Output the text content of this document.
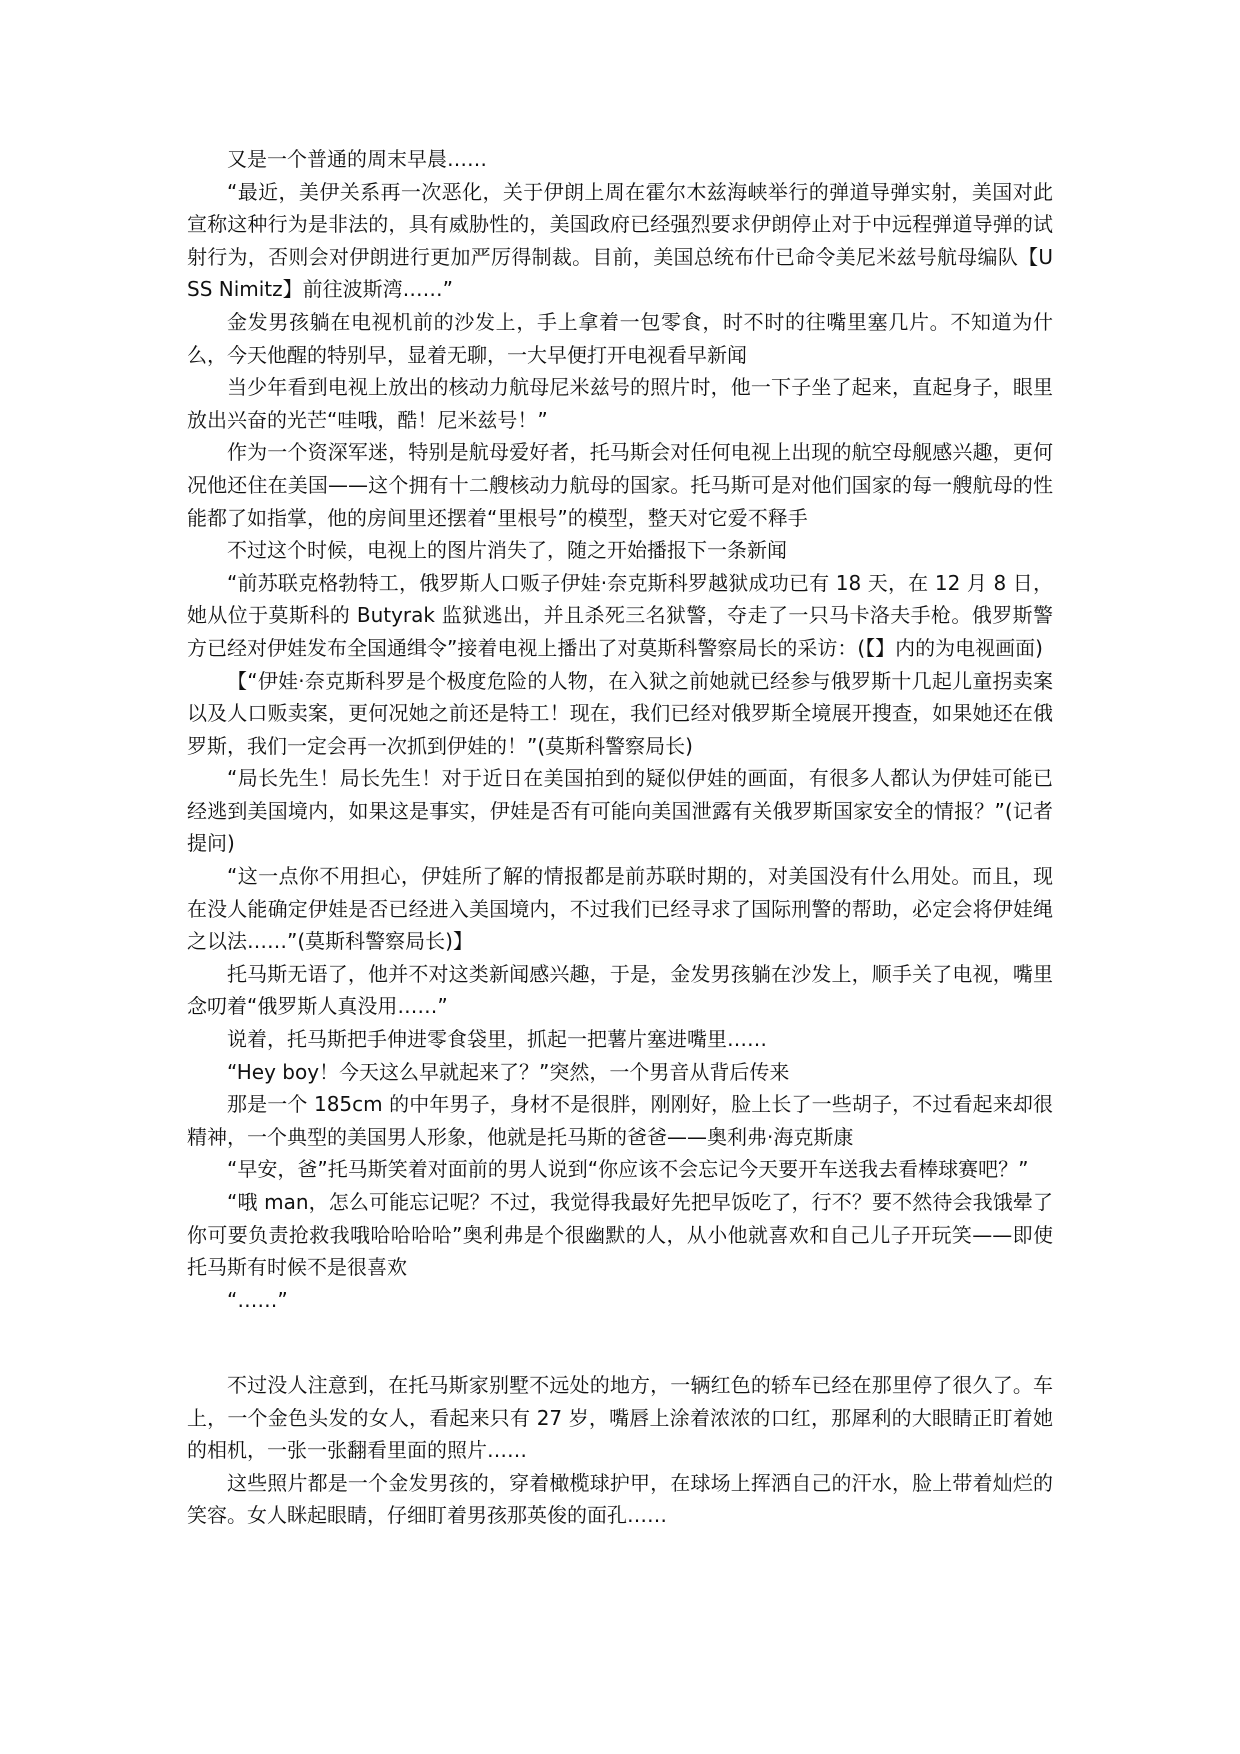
又是一个普通的周末早晨……

“最近，美伊关系再一次恶化，关于伊朗上周在霍尔木兹海峡举行的弹道导弹实射，美国对此宣称这种行为是非法的，具有威胁性的，美国政府已经强烈要求伊朗停止对于中远程弹道导弹的试射行为，否则会对伊朗进行更加严厉得制裁。目前，美国总统布什已命令美尼米兹号航母编队【USS Nimitz】前往波斯湾……”

金发男孩躺在电视机前的沙发上，手上拿着一包零食，时不时的往嘴里塞几片。不知道为什么，今天他醒的特别早，显着无聊，一大早便打开电视看早新闻

当少年看到电视上放出的核动力航母尼米兹号的照片时，他一下子坐了起来，直起身子，眼里放出兴奋的光芒“哇哦，酷！尼米兹号！”

作为一个资深军迷，特别是航母爱好者，托马斯会对任何电视上出现的航空母舰感兴趣，更何况他还住在美国——这个拥有十二艘核动力航母的国家。托马斯可是对他们国家的每一艘航母的性能都了如指掌，他的房间里还摆着“里根号”的模型，整天对它爱不释手

不过这个时候，电视上的图片消失了，随之开始播报下一条新闻

“前苏联克格勃特工，俄罗斯人口贩子伊娃·奈克斯科罗越狱成功已有 18 天，在 12 月 8 日，她从位于莫斯科的 Butyrak 监狱逃出，并且杀死三名狱警，夺走了一只马卡洛夫手枪。俄罗斯警方已经对伊娃发布全国通缉令”接着电视上播出了对莫斯科警察局长的采访：(【】内的为电视画面)

【“伊娃·奈克斯科罗是个极度危险的人物，在入狱之前她就已经参与俄罗斯十几起儿童拐卖案以及人口贩卖案，更何况她之前还是特工！现在，我们已经对俄罗斯全境展开搜查，如果她还在俄罗斯，我们一定会再一次抓到伊娃的！”(莫斯科警察局长)

“局长先生！局长先生！对于近日在美国拍到的疑似伊娃的画面，有很多人都认为伊娃可能已经逃到美国境内，如果这是事实，伊娃是否有可能向美国泄露有关俄罗斯国家安全的情报？”(记者提问)

“这一点你不用担心，伊娃所了解的情报都是前苏联时期的，对美国没有什么用处。而且，现在没人能确定伊娃是否已经进入美国境内，不过我们已经寻求了国际刑警的帮助，必定会将伊娃绳之以法……”(莫斯科警察局长)】

托马斯无语了，他并不对这类新闻感兴趣，于是，金发男孩躺在沙发上，顺手关了电视，嘴里念叨着“俄罗斯人真没用……”

说着，托马斯把手伸进零食袋里，抓起一把薯片塞进嘴里……

“Hey boy！今天这么早就起来了？”突然，一个男音从背后传来

那是一个 185cm 的中年男子，身材不是很胖，刚刚好，脸上长了一些胡子，不过看起来却很精神，一个典型的美国男人形象，他就是托马斯的爸爸——奥利弗·海克斯康

“早安，爸”托马斯笑着对面前的男人说到“你应该不会忘记今天要开车送我去看棒球赛吧？”

“哦 man，怎么可能忘记呢？不过，我觉得我最好先把早饭吃了，行不？要不然待会我饿晕了你可要负责抢救我哦哈哈哈哈”奥利弗是个很幽默的人，从小他就喜欢和自己儿子开玩笑——即使托马斯有时候不是很喜欢

“……”

不过没人注意到，在托马斯家别墅不远处的地方，一辆红色的轿车已经在那里停了很久了。车上，一个金色头发的女人，看起来只有 27 岁，嘴唇上涂着浓浓的口红，那犀利的大眼睛正盯着她的相机，一张一张翻看里面的照片……

这些照片都是一个金发男孩的，穿着橄榄球护甲，在球场上挥洒自己的汗水，脸上带着灿烂的笑容。女人眯起眼睛，仔细盯着男孩那英俊的面孔……
